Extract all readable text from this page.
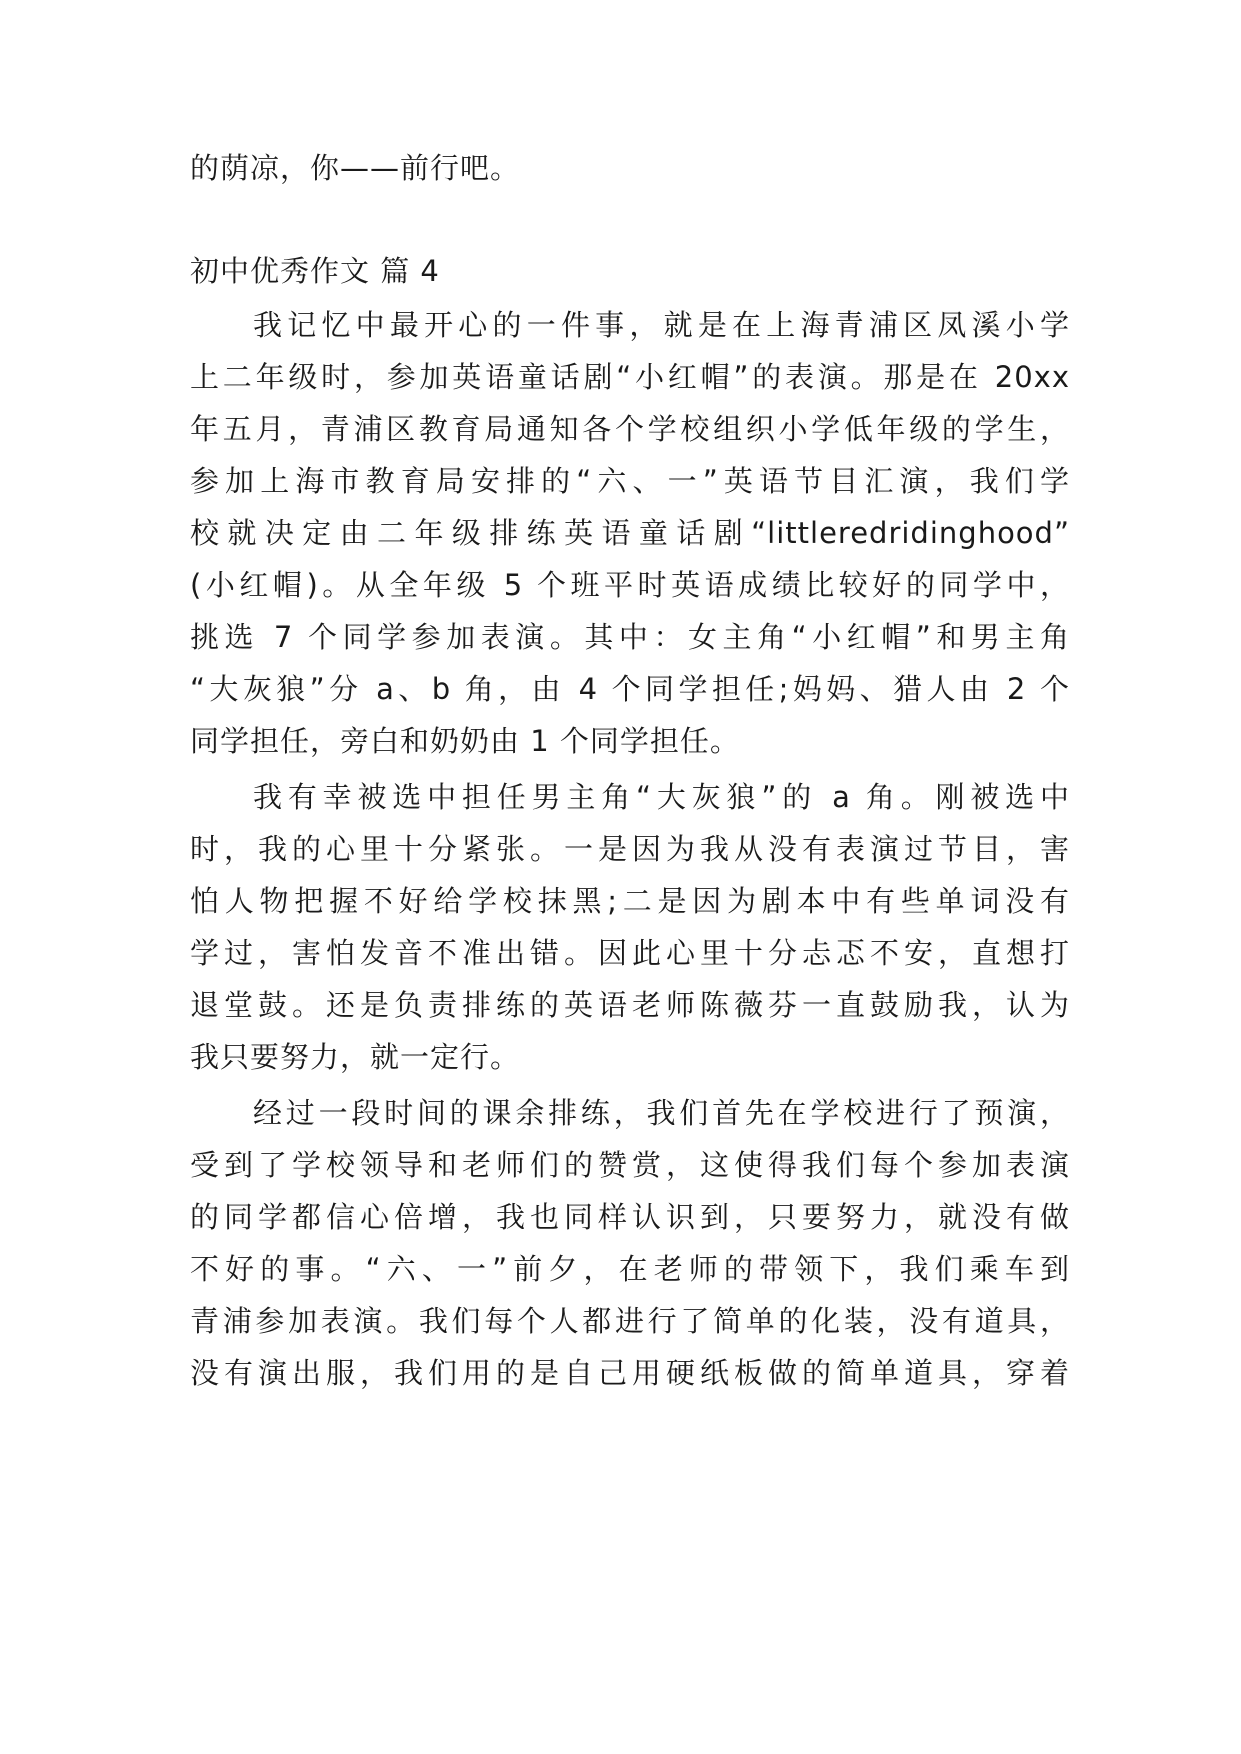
的荫凉，你——前行吧。
初中优秀作文 篇 4
我记忆中最开心的一件事，就是在上海青浦区凤溪小学
上二年级时，参加英语童话剧“小红帽”的表演。那是在 20xx
年五月，青浦区教育局通知各个学校组织小学低年级的学生，
参加上海市教育局安排的“六、一”英语节目汇演，我们学
校就决定由二年级排练英语童话剧“littleredridinghood”
(小红帽)。从全年级 5 个班平时英语成绩比较好的同学中，
挑选 7 个同学参加表演。其中：女主角“小红帽”和男主角
“大灰狼”分 a、b 角，由 4 个同学担任;妈妈、猎人由 2 个
同学担任，旁白和奶奶由 1 个同学担任。
我有幸被选中担任男主角“大灰狼”的 a 角。刚被选中
时，我的心里十分紧张。一是因为我从没有表演过节目，害
怕人物把握不好给学校抹黑;二是因为剧本中有些单词没有
学过，害怕发音不准出错。因此心里十分忐忑不安，直想打
退堂鼓。还是负责排练的英语老师陈薇芬一直鼓励我，认为
我只要努力，就一定行。
经过一段时间的课余排练，我们首先在学校进行了预演，
受到了学校领导和老师们的赞赏，这使得我们每个参加表演
的同学都信心倍增，我也同样认识到，只要努力，就没有做
不好的事。“六、一”前夕，在老师的带领下，我们乘车到
青浦参加表演。我们每个人都进行了简单的化装，没有道具，
没有演出服，我们用的是自己用硬纸板做的简单道具，穿着
